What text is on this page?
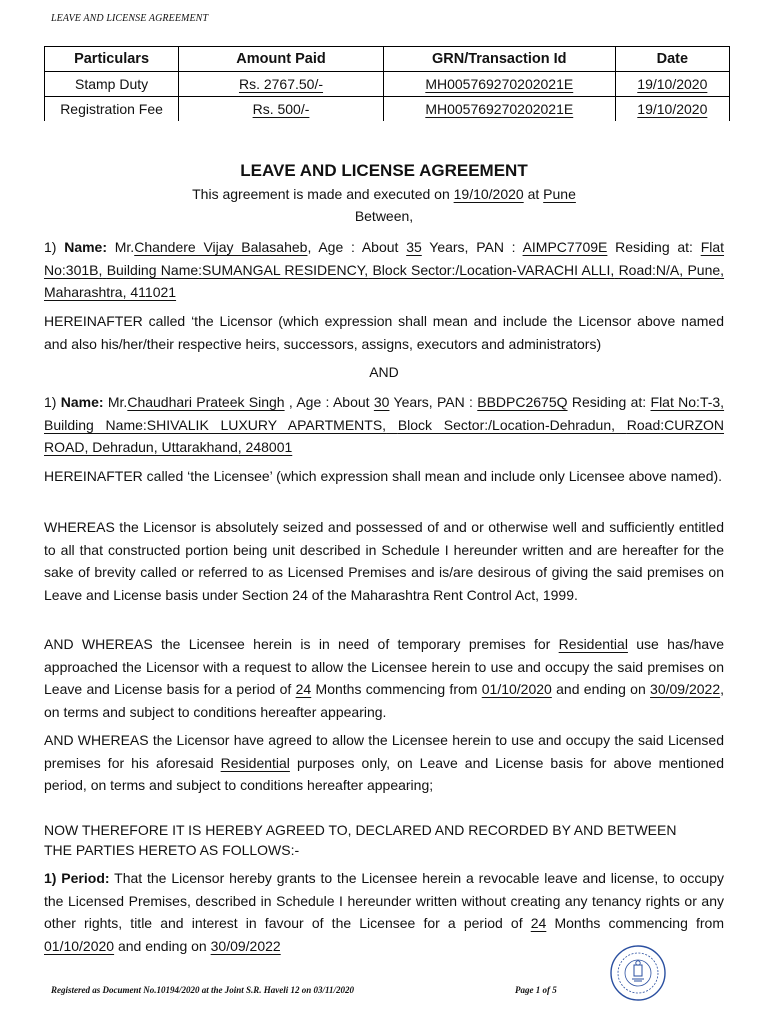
LEAVE AND LICENSE AGREEMENT
Particulars	Amount Paid	GRN/Transaction Id	Date
Stamp Duty	Rs. 2767.50/-	MH005769270202021E	19/10/2020
Registration Fee	Rs. 500/-	MH005769270202021E	19/10/2020
LEAVE AND LICENSE AGREEMENT
This agreement is made and executed on 19/10/2020 at Pune
Between,
1) Name: Mr.Chandere Vijay Balasaheb, Age : About 35 Years, PAN : AIMPC7709E Residing at: Flat No:301B, Building Name:SUMANGAL RESIDENCY, Block Sector:/Location-VARACHI ALLI, Road:N/A, Pune, Maharashtra, 411021
HEREINAFTER called ‘the Licensor (which expression shall mean and include the Licensor above named and also his/her/their respective heirs, successors, assigns, executors and administrators)
AND
1) Name: Mr.Chaudhari Prateek Singh , Age : About 30 Years, PAN : BBDPC2675Q Residing at: Flat No:T-3, Building Name:SHIVALIK LUXURY APARTMENTS, Block Sector:/Location-Dehradun, Road:CURZON ROAD, Dehradun, Uttarakhand, 248001
HEREINAFTER called ‘the Licensee’ (which expression shall mean and include only Licensee above named).
WHEREAS the Licensor is absolutely seized and possessed of and or otherwise well and sufficiently entitled to all that constructed portion being unit described in Schedule I hereunder written and are hereafter for the sake of brevity called or referred to as Licensed Premises and is/are desirous of giving the said premises on Leave and License basis under Section 24 of the Maharashtra Rent Control Act, 1999.
AND WHEREAS the Licensee herein is in need of temporary premises for Residential use has/have approached the Licensor with a request to allow the Licensee herein to use and occupy the said premises on Leave and License basis for a period of 24 Months commencing from 01/10/2020 and ending on 30/09/2022, on terms and subject to conditions hereafter appearing.
AND WHEREAS the Licensor have agreed to allow the Licensee herein to use and occupy the said Licensed premises for his aforesaid Residential purposes only, on Leave and License basis for above mentioned period, on terms and subject to conditions hereafter appearing;
NOW THEREFORE IT IS HEREBY AGREED TO, DECLARED AND RECORDED BY AND BETWEEN THE PARTIES HERETO AS FOLLOWS:-
1) Period: That the Licensor hereby grants to the Licensee herein a revocable leave and license, to occupy the Licensed Premises, described in Schedule I hereunder written without creating any tenancy rights or any other rights, title and interest in favour of the Licensee for a period of 24 Months commencing from 01/10/2020 and ending on 30/09/2022
Registered as Document No.10194/2020 at the Joint S.R. Haveli 12 on 03/11/2020	Page 1 of 5
